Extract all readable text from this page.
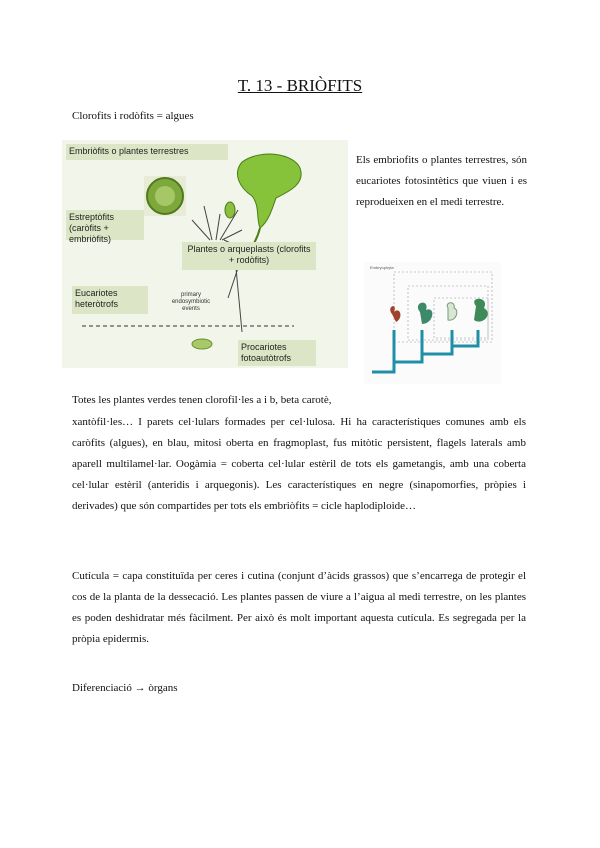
T. 13 - BRIÒFITS
Clorofits i rodòfits = algues
Embriòfits o plantes terrestres
Estreptòfits (caròfits + embriòfits)
Plantes o arqueplasts (clorofits + rodòfits)
Eucariotes heteròtrofs
primary endosymbiotic events
Procariotes fotoautòtrofs
Els embriofits o plantes terrestres, són eucariotes fotosintètics que viuen i es reprodueixen en el medi terrestre.
Embryophyta
Totes les plantes verdes tenen clorofil·les a i b, beta carotè,
xantòfil·les… I parets cel·lulars formades per cel·lulosa. Hi ha característiques comunes amb els caròfits (algues), en blau, mitosi oberta en fragmoplast, fus mitòtic persistent, flagels laterals amb aparell multilamel·lar. Oogàmia = coberta cel·lular estèril de tots els gametangis, amb una coberta cel·lular estèril (anteridis i arquegonis). Les característiques en negre (sinapomorfies, pròpies i derivades) que són compartides per tots els embriòfits = cicle haplodiploide…
Cutícula = capa constituïda per ceres i cutina (conjunt d’àcids grassos) que s’encarrega de protegir el cos de la planta de la dessecació. Les plantes passen de viure a l’aigua al medi terrestre, on les plantes es poden deshidratar més fàcilment. Per això és molt important aquesta cutícula. Es segregada per la pròpia epidermis.
Diferenciació → òrgans
